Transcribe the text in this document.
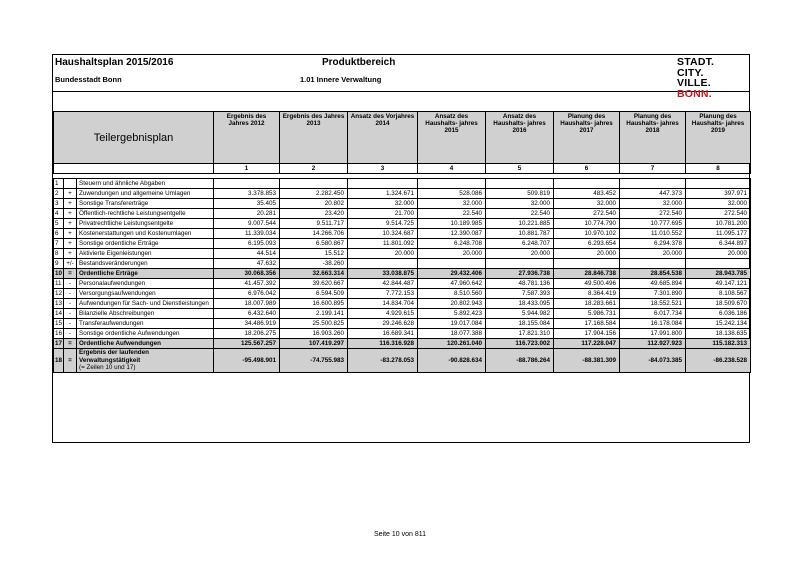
Haushaltsplan 2015/2016
Bundesstadt Bonn
Produktbereich
1.01 Innere Verwaltung
STADT.
CITY.
VILLE.
BONN.
Teilergebnisplan			Ergebnis des Jahres 2012	Ergebnis des Jahres 2013	Ansatz des Vorjahres 2014	Ansatz des Haushalts- jahres 2015	Ansatz des Haushalts- jahres 2016	Planung des Haushalts- jahres 2017	Planung des Haushalts- jahres 2018	Planung des Haushalts- jahres 2019
			1	2	3	4	5	6	7	8

1		Steuern und ähnliche Abgaben								
2	+	Zuwendungen und allgemeine Umlagen	3.378.853	2.282.450	1.324.671	528.086	509.819	483.452	447.373	397.971
3	+	Sonstige Transfererträge	35.405	20.802	32.000	32.000	32.000	32.000	32.000	32.000
4	+	Öffentlich-rechtliche Leistungsentgelte	20.281	23.420	21.700	22.540	22.540	272.540	272.540	272.540
5	+	Privatrechtliche Leistungsentgelte	9.007.544	9.511.717	9.514.725	10.189.985	10.221.885	10.774.790	10.777.695	10.781.200
6	+	Kostenerstattungen und Kostenumlagen	11.339.034	14.266.706	10.324.687	12.390.087	10.881.787	10.970.102	11.010.552	11.095.177
7	+	Sonstige ordentliche Erträge	6.195.093	6.580.867	11.801.092	6.248.708	6.248.707	6.293.654	6.294.378	6.344.897
8	+	Aktivierte Eigenleistungen	44.514	15.512	20.000	20.000	20.000	20.000	20.000	20.000
9	+/-	Bestandsveränderungen	47.632	-38.260						
10	=	Ordentliche Erträge	30.068.356	32.663.314	33.038.875	29.432.406	27.936.738	28.846.738	28.854.538	28.943.785
11	-	Personalaufwendungen	41.457.392	39.620.667	42.844.487	47.960.642	48.781.136	49.500.496	49.685.894	49.147.121
12	-	Versorgungsaufwendungen	6.976.042	6.594.509	7.772.153	8.510.560	7.587.393	8.364.419	7.301.890	8.108.567
13	-	Aufwendungen für Sach- und Dienstleistungen	18.007.989	16.600.895	14.834.704	20.802.943	18.433.095	18.283.661	18.552.521	18.509.670
14	-	Bilanzielle Abschreibungen	6.432.640	2.199.141	4.929.615	5.892.423	5.944.982	5.986.731	6.017.734	6.036.186
15	-	Transferaufwendungen	34.486.919	25.500.825	29.246.628	19.017.084	18.155.084	17.168.584	16.178.084	15.242.134
16	-	Sonstige ordentliche Aufwendungen	18.206.275	16.903.260	16.689.341	18.077.388	17.821.310	17.904.156	17.991.800	18.138.635
17	=	Ordentliche Aufwendungen	125.567.257	107.419.297	116.316.928	120.261.040	116.723.002	117.228.047	112.927.923	115.182.313
18	=	Ergebnis der laufenden Verwaltungstätigkeit
(= Zeilen 10 und 17)	-95.498.901	-74.755.983	-83.278.053	-90.828.634	-88.786.264	-88.381.309	-84.073.385	-86.238.528
Seite 10 von 811
